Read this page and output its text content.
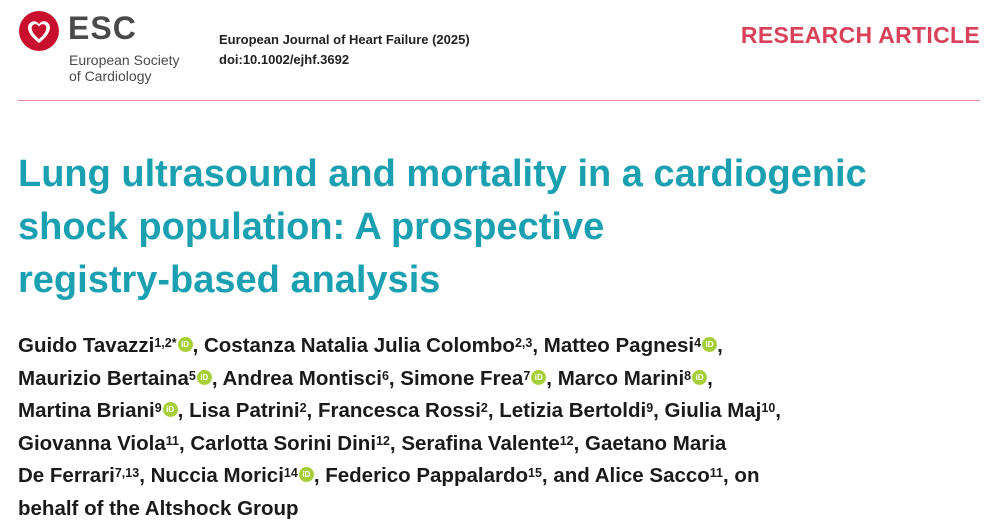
ESC
European Society
of Cardiology
European Journal of Heart Failure (2025)
doi:10.1002/ejhf.3692
RESEARCH ARTICLE
Lung ultrasound and mortality in a cardiogenic
shock population: A prospective
registry-based analysis
Guido Tavazzi$^{1,2*}$ iD , Costanza Natalia Julia Colombo$^{2,3}$, Matteo Pagnesi$^4$ iD ,
Maurizio Bertaina$^5$ iD , Andrea Montisci$^6$, Simone Frea$^7$ iD , Marco Marini$^8$ iD ,
Martina Briani$^9$ iD , Lisa Patrini$^2$, Francesca Rossi$^2$, Letizia Bertoldi$^9$, Giulia Maj$^{10}$,
Giovanna Viola$^{11}$, Carlotta Sorini Dini$^{12}$, Serafina Valente$^{12}$, Gaetano Maria
De Ferrari$^{7,13}$, Nuccia Morici$^{14}$ iD , Federico Pappalardo$^{15}$, and Alice Sacco$^{11}$, on
behalf of the Altshock Group
